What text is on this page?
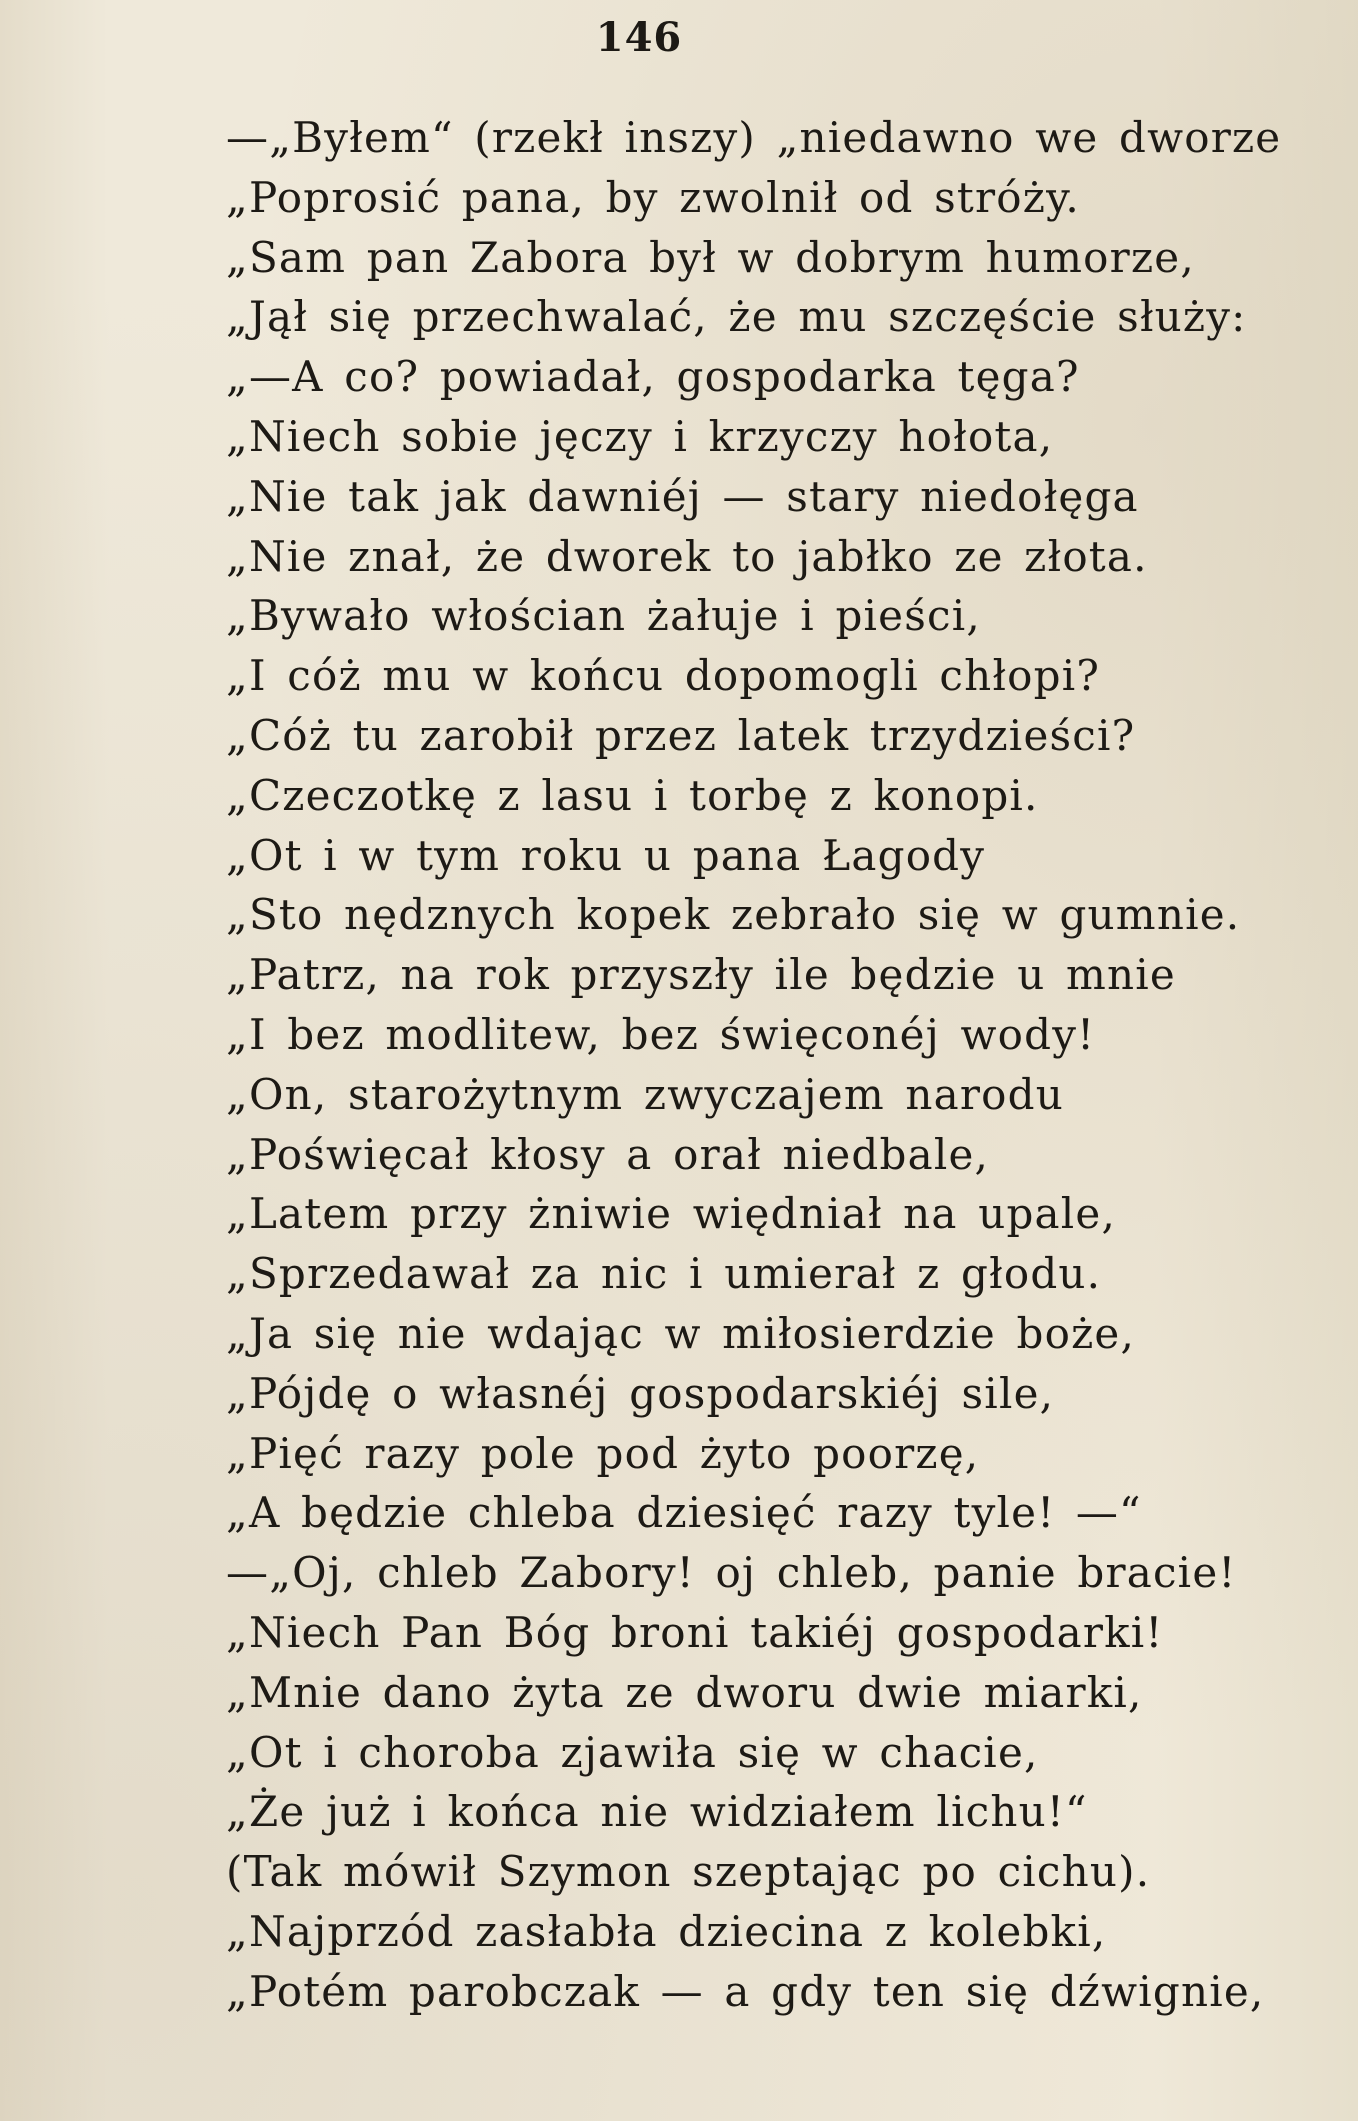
146
—„Byłem“ (rzekł inszy) „niedawno we dworze
„Poprosić pana, by zwolnił od stróży.
„Sam pan Zabora był w dobrym humorze,
„Jął się przechwalać, że mu szczęście służy:
„—A co? powiadał, gospodarka tęga?
„Niech sobie jęczy i krzyczy hołota,
„Nie tak jak dawniéj — stary niedołęga
„Nie znał, że dworek to jabłko ze złota.
„Bywało włościan żałuje i pieści,
„I cóż mu w końcu dopomogli chłopi?
„Cóż tu zarobił przez latek trzydzieści?
„Czeczotkę z lasu i torbę z konopi.
„Ot i w tym roku u pana Łagody
„Sto nędznych kopek zebrało się w gumnie.
„Patrz, na rok przyszły ile będzie u mnie
„I bez modlitew, bez święconéj wody!
„On, starożytnym zwyczajem narodu
„Poświęcał kłosy a orał niedbale,
„Latem przy żniwie więdniał na upale,
„Sprzedawał za nic i umierał z głodu.
„Ja się nie wdając w miłosierdzie boże,
„Pójdę o własnéj gospodarskiéj sile,
„Pięć razy pole pod żyto poorzę,
„A będzie chleba dziesięć razy tyle! —“
—„Oj, chleb Zabory! oj chleb, panie bracie!
„Niech Pan Bóg broni takiéj gospodarki!
„Mnie dano żyta ze dworu dwie miarki,
„Ot i choroba zjawiła się w chacie,
„Że już i końca nie widziałem lichu!“
(Tak mówił Szymon szeptając po cichu).
„Najprzód zasłabła dziecina z kolebki,
„Potém parobczak — a gdy ten się dźwignie,
